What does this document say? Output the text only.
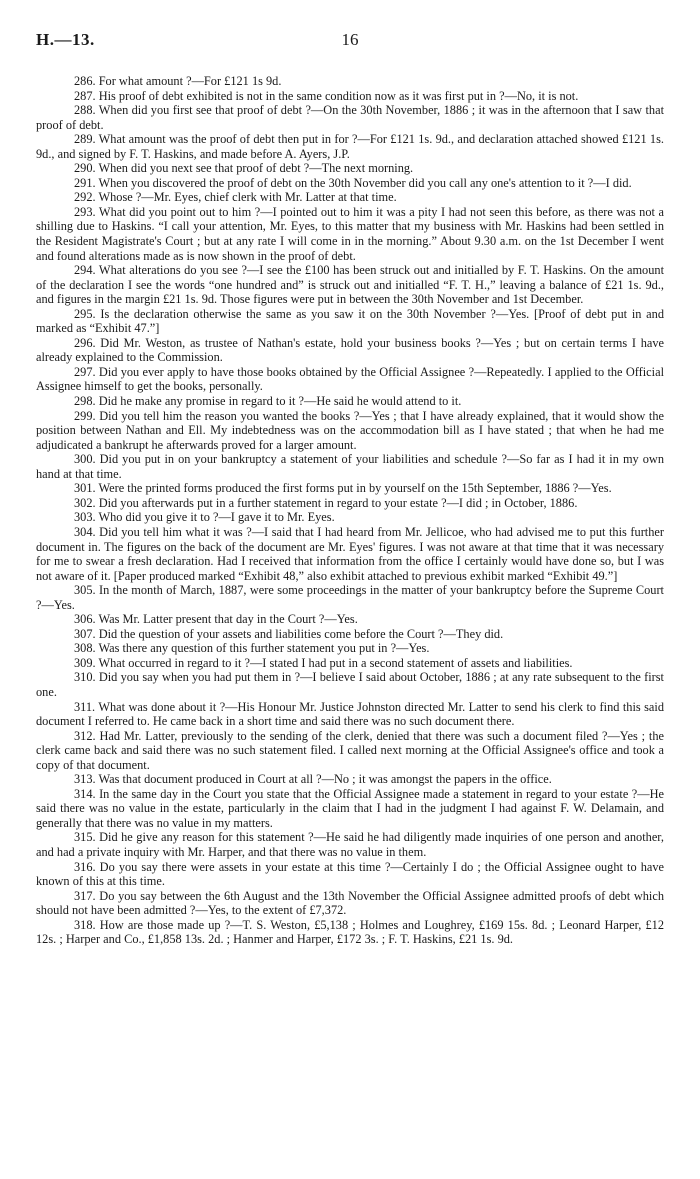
H.—13.	16

286. For what amount ?—For £121 1s 9d.

287. His proof of debt exhibited is not in the same condition now as it was first put in ?—No, it is not.

288. When did you first see that proof of debt ?—On the 30th November, 1886 ; it was in the afternoon that I saw that proof of debt.

289. What amount was the proof of debt then put in for ?—For £121 1s. 9d., and declaration attached showed £121 1s. 9d., and signed by F. T. Haskins, and made before A. Ayers, J.P.

290. When did you next see that proof of debt ?—The next morning.

291. When you discovered the proof of debt on the 30th November did you call any one's attention to it ?—I did.

292. Whose ?—Mr. Eyes, chief clerk with Mr. Latter at that time.

293. What did you point out to him ?—I pointed out to him it was a pity I had not seen this before, as there was not a shilling due to Haskins. “I call your attention, Mr. Eyes, to this matter that my business with Mr. Haskins had been settled in the Resident Magistrate's Court ; but at any rate I will come in in the morning.” About 9.30 a.m. on the 1st December I went and found alterations made as is now shown in the proof of debt.

294. What alterations do you see ?—I see the £100 has been struck out and initialled by F. T. Haskins. On the amount of the declaration I see the words “one hundred and” is struck out and initialled “F. T. H.,” leaving a balance of £21 1s. 9d., and figures in the margin £21 1s. 9d. Those figures were put in between the 30th November and 1st December.

295. Is the declaration otherwise the same as you saw it on the 30th November ?—Yes. [Proof of debt put in and marked as “Exhibit 47.”]

296. Did Mr. Weston, as trustee of Nathan's estate, hold your business books ?—Yes ; but on certain terms I have already explained to the Commission.

297. Did you ever apply to have those books obtained by the Official Assignee ?—Repeatedly. I applied to the Official Assignee himself to get the books, personally.

298. Did he make any promise in regard to it ?—He said he would attend to it.

299. Did you tell him the reason you wanted the books ?—Yes ; that I have already explained, that it would show the position between Nathan and Ell. My indebtedness was on the accommodation bill as I have stated ; that when he had me adjudicated a bankrupt he afterwards proved for a larger amount.

300. Did you put in on your bankruptcy a statement of your liabilities and schedule ?—So far as I had it in my own hand at that time.

301. Were the printed forms produced the first forms put in by yourself on the 15th September, 1886 ?—Yes.

302. Did you afterwards put in a further statement in regard to your estate ?—I did ; in October, 1886.

303. Who did you give it to ?—I gave it to Mr. Eyes.

304. Did you tell him what it was ?—I said that I had heard from Mr. Jellicoe, who had advised me to put this further document in. The figures on the back of the document are Mr. Eyes' figures. I was not aware at that time that it was necessary for me to swear a fresh declaration. Had I received that information from the office I certainly would have done so, but I was not aware of it. [Paper produced marked “Exhibit 48,” also exhibit attached to previous exhibit marked “Exhibit 49.”]

305. In the month of March, 1887, were some proceedings in the matter of your bankruptcy before the Supreme Court ?—Yes.

306. Was Mr. Latter present that day in the Court ?—Yes.

307. Did the question of your assets and liabilities come before the Court ?—They did.

308. Was there any question of this further statement you put in ?—Yes.

309. What occurred in regard to it ?—I stated I had put in a second statement of assets and liabilities.

310. Did you say when you had put them in ?—I believe I said about October, 1886 ; at any rate subsequent to the first one.

311. What was done about it ?—His Honour Mr. Justice Johnston directed Mr. Latter to send his clerk to find this said document I referred to. He came back in a short time and said there was no such document there.

312. Had Mr. Latter, previously to the sending of the clerk, denied that there was such a document filed ?—Yes ; the clerk came back and said there was no such statement filed. I called next morning at the Official Assignee's office and took a copy of that document.

313. Was that document produced in Court at all ?—No ; it was amongst the papers in the office.

314. In the same day in the Court you state that the Official Assignee made a statement in regard to your estate ?—He said there was no value in the estate, particularly in the claim that I had in the judgment I had against F. W. Delamain, and generally that there was no value in my matters.

315. Did he give any reason for this statement ?—He said he had diligently made inquiries of one person and another, and had a private inquiry with Mr. Harper, and that there was no value in them.

316. Do you say there were assets in your estate at this time ?—Certainly I do ; the Official Assignee ought to have known of this at this time.

317. Do you say between the 6th August and the 13th November the Official Assignee admitted proofs of debt which should not have been admitted ?—Yes, to the extent of £7,372.

318. How are those made up ?—T. S. Weston, £5,138 ; Holmes and Loughrey, £169 15s. 8d. ; Leonard Harper, £12 12s. ; Harper and Co., £1,858 13s. 2d. ; Hanmer and Harper, £172 3s. ; F. T. Haskins, £21 1s. 9d.
